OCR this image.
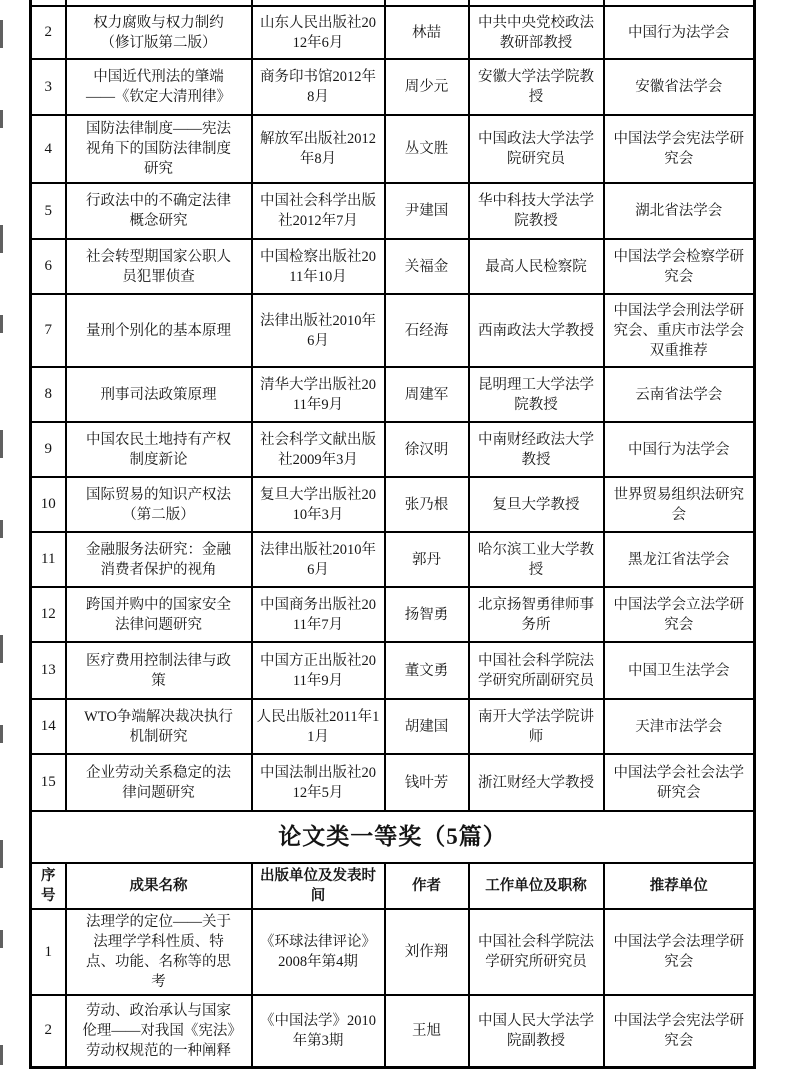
2	权力腐败与权力制约（修订版第二版）	山东人民出版社2012年6月	林喆	中共中央党校政法教研部教授	中国行为法学会
3	中国近代刑法的肇端——《钦定大清刑律》	商务印书馆2012年8月	周少元	安徽大学法学院教授	安徽省法学会
4	国防法律制度——宪法视角下的国防法律制度研究	解放军出版社2012年8月	丛文胜	中国政法大学法学院研究员	中国法学会宪法学研究会
5	行政法中的不确定法律概念研究	中国社会科学出版社2012年7月	尹建国	华中科技大学法学院教授	湖北省法学会
6	社会转型期国家公职人员犯罪侦查	中国检察出版社2011年10月	关福金	最高人民检察院	中国法学会检察学研究会
7	量刑个别化的基本原理	法律出版社2010年6月	石经海	西南政法大学教授	中国法学会刑法学研究会、重庆市法学会双重推荐
8	刑事司法政策原理	清华大学出版社2011年9月	周建军	昆明理工大学法学院教授	云南省法学会
9	中国农民土地持有产权制度新论	社会科学文献出版社2009年3月	徐汉明	中南财经政法大学教授	中国行为法学会
10	国际贸易的知识产权法（第二版）	复旦大学出版社2010年3月	张乃根	复旦大学教授	世界贸易组织法研究会
11	金融服务法研究：金融消费者保护的视角	法律出版社2010年6月	郭丹	哈尔滨工业大学教授	黑龙江省法学会
12	跨国并购中的国家安全法律问题研究	中国商务出版社2011年7月	扬智勇	北京扬智勇律师事务所	中国法学会立法学研究会
13	医疗费用控制法律与政策	中国方正出版社2011年9月	董文勇	中国社会科学院法学研究所副研究员	中国卫生法学会
14	WTO争端解决裁决执行机制研究	人民出版社2011年11月	胡建国	南开大学法学院讲师	天津市法学会
15	企业劳动关系稳定的法律问题研究	中国法制出版社2012年5月	钱叶芳	浙江财经大学教授	中国法学会社会法学研究会
论文类一等奖（5篇）					
序号	成果名称	出版单位及发表时间	作者	工作单位及职称	推荐单位
1	法理学的定位——关于法理学学科性质、特点、功能、名称等的思考	《环球法律评论》2008年第4期	刘作翔	中国社会科学院法学研究所研究员	中国法学会法理学研究会
2	劳动、政治承认与国家伦理——对我国《宪法》劳动权规范的一种阐释	《中国法学》2010年第3期	王旭	中国人民大学法学院副教授	中国法学会宪法学研究会
